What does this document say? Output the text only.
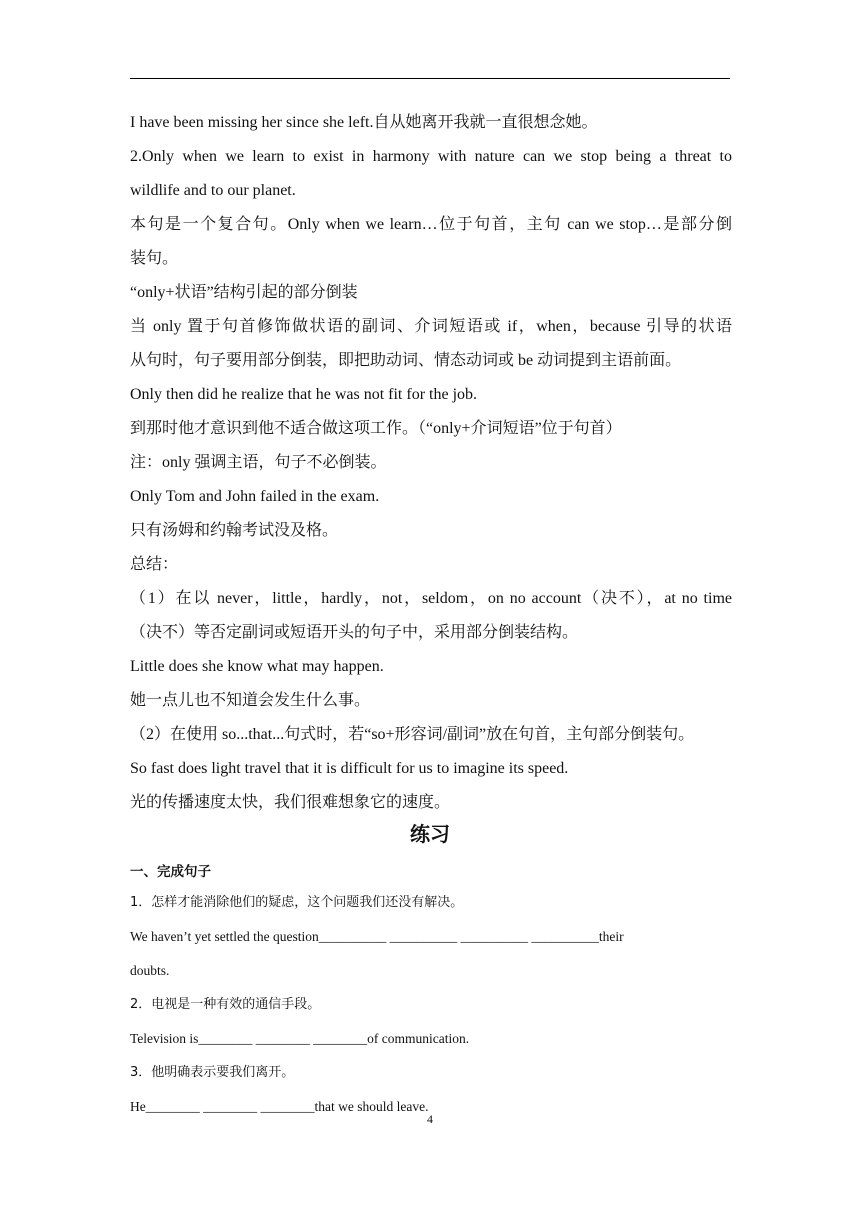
I have been missing her since she left.自从她离开我就一直很想念她。
2.Only when we learn to exist in harmony with nature can we stop being a threat to
wildlife and to our planet.
本句是一个复合句。Only when we learn…位于句首，主句 can we stop…是部分倒
装句。
“only+状语”结构引起的部分倒装
当 only 置于句首修饰做状语的副词、介词短语或 if，when，because 引导的状语
从句时，句子要用部分倒装，即把助动词、情态动词或 be 动词提到主语前面。
Only then did he realize that he was not fit for the job.
到那时他才意识到他不适合做这项工作。（“only+介词短语”位于句首）
注：only 强调主语，句子不必倒装。
Only Tom and John failed in the exam.
只有汤姆和约翰考试没及格。
总结：
（1）在以 never，little，hardly，not，seldom，on no account（决不），at no time
（决不）等否定副词或短语开头的句子中，采用部分倒装结构。
Little does she know what may happen.
她一点儿也不知道会发生什么事。
（2）在使用 so...that...句式时，若“so+形容词/副词”放在句首，主句部分倒装句。
So fast does light travel that it is difficult for us to imagine its speed.
光的传播速度太快，我们很难想象它的速度。
练习
一、完成句子
1．怎样才能消除他们的疑虑，这个问题我们还没有解决。
We haven’t yet settled the question__________ __________ __________ __________their
doubts.
2．电视是一种有效的通信手段。
Television is________ ________ ________of communication.
3．他明确表示要我们离开。
He________ ________ ________that we should leave.
4
